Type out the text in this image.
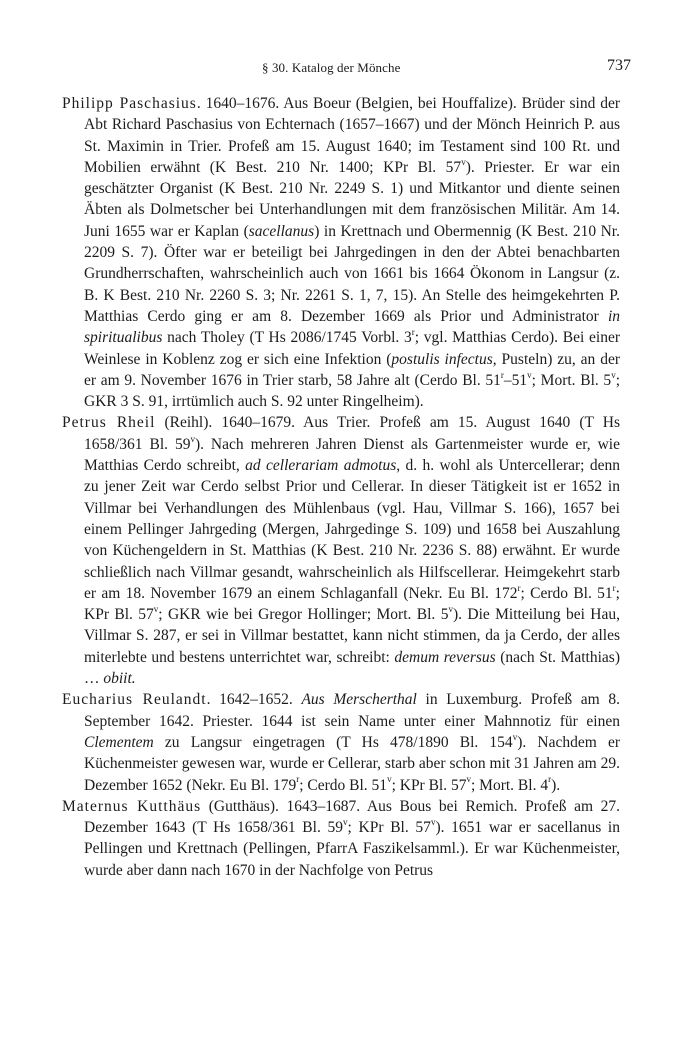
§ 30. Katalog der Mönche	737

Philipp Paschasius. 1640–1676. Aus Boeur (Belgien, bei Houffalize). Brüder sind der Abt Richard Paschasius von Echternach (1657–1667) und der Mönch Heinrich P. aus St. Maximin in Trier. Profeß am 15. August 1640; im Testament sind 100 Rt. und Mobilien erwähnt (K Best. 210 Nr. 1400; KPr Bl. 57$^v$). Priester. Er war ein geschätzter Organist (K Best. 210 Nr. 2249 S. 1) und Mitkantor und diente seinen Äbten als Dolmetscher bei Unterhandlungen mit dem französischen Militär. Am 14. Juni 1655 war er Kaplan (sacellanus) in Krettnach und Obermennig (K Best. 210 Nr. 2209 S. 7). Öfter war er beteiligt bei Jahrgedingen in den der Abtei benachbarten Grundherrschaften, wahrscheinlich auch von 1661 bis 1664 Ökonom in Langsur (z. B. K Best. 210 Nr. 2260 S. 3; Nr. 2261 S. 1, 7, 15). An Stelle des heimgekehrten P. Matthias Cerdo ging er am 8. Dezember 1669 als Prior und Administrator in spiritualibus nach Tholey (T Hs 2086/1745 Vorbl. 3$^r$; vgl. Matthias Cerdo). Bei einer Weinlese in Koblenz zog er sich eine Infektion (postulis infectus, Pusteln) zu, an der er am 9. November 1676 in Trier starb, 58 Jahre alt (Cerdo Bl. 51$^r$–51$^v$; Mort. Bl. 5$^v$; GKR 3 S. 91, irrtümlich auch S. 92 unter Ringelheim).

Petrus Rheil (Reihl). 1640–1679. Aus Trier. Profeß am 15. August 1640 (T Hs 1658/361 Bl. 59$^v$). Nach mehreren Jahren Dienst als Gartenmeister wurde er, wie Matthias Cerdo schreibt, ad cellerariam admotus, d. h. wohl als Untercellerar; denn zu jener Zeit war Cerdo selbst Prior und Cellerar. In dieser Tätigkeit ist er 1652 in Villmar bei Verhandlungen des Mühlenbaus (vgl. Hau, Villmar S. 166), 1657 bei einem Pellinger Jahrgeding (Mergen, Jahrgedinge S. 109) und 1658 bei Auszahlung von Küchengeldern in St. Matthias (K Best. 210 Nr. 2236 S. 88) erwähnt. Er wurde schließlich nach Villmar gesandt, wahrscheinlich als Hilfscellerar. Heimgekehrt starb er am 18. November 1679 an einem Schlaganfall (Nekr. Eu Bl. 172$^r$; Cerdo Bl. 51$^r$; KPr Bl. 57$^v$; GKR wie bei Gregor Hollinger; Mort. Bl. 5$^v$). Die Mitteilung bei Hau, Villmar S. 287, er sei in Villmar bestattet, kann nicht stimmen, da ja Cerdo, der alles miterlebte und bestens unterrichtet war, schreibt: demum reversus (nach St. Matthias) … obiit.

Eucharius Reulandt. 1642–1652. Aus Merscherthal in Luxemburg. Profeß am 8. September 1642. Priester. 1644 ist sein Name unter einer Mahnnotiz für einen Clementem zu Langsur eingetragen (T Hs 478/1890 Bl. 154$^v$). Nachdem er Küchenmeister gewesen war, wurde er Cellerar, starb aber schon mit 31 Jahren am 29. Dezember 1652 (Nekr. Eu Bl. 179$^r$; Cerdo Bl. 51$^v$; KPr Bl. 57$^v$; Mort. Bl. 4$^r$).

Maternus Kutthäus (Gutthäus). 1643–1687. Aus Bous bei Remich. Profeß am 27. Dezember 1643 (T Hs 1658/361 Bl. 59$^v$; KPr Bl. 57$^v$). 1651 war er sacellanus in Pellingen und Krettnach (Pellingen, PfarrA Faszikelsamml.). Er war Küchenmeister, wurde aber dann nach 1670 in der Nachfolge von Petrus
